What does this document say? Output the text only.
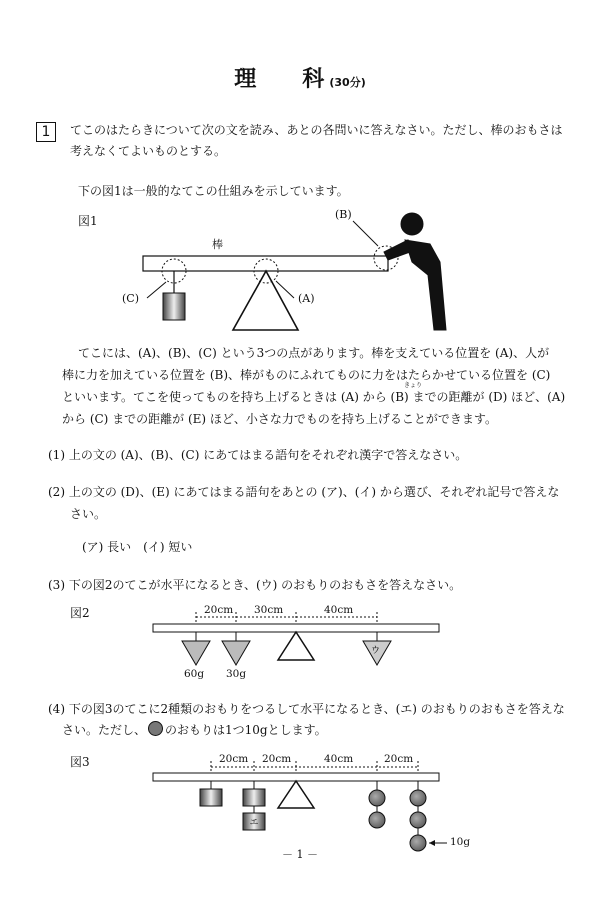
理 科 (30分)
1	てこのはたらきについて次の文を読み、あとの各問いに答えなさい。ただし、棒のおもさは
考えなくてよいものとする。
下の図1は一般的なてこの仕組みを示しています。
図1
棒
(B)
(C)	(A)
てこには、(A)、(B)、(C) という3つの点があります。棒を支えている位置を (A)、人が
棒に力を加えている位置を (B)、棒がものにふれてものに力をはたらかせている位置を (C)
といいます。てこを使ってものを持ち上げるときは (A) から (B) までの距離が (D) ほど、(A)
きょり
から (C) までの距離が (E) ほど、小さな力でものを持ち上げることができます。
(1) 上の文の (A)、(B)、(C) にあてはまる語句をそれぞれ漢字で答えなさい。
(2) 上の文の (D)、(E) にあてはまる語句をあとの (ア)、(イ) から選び、それぞれ記号で答えな
さい。
(ア) 長い　(イ) 短い
(3) 下の図2のてこが水平になるとき、(ウ) のおもりのおもさを答えなさい。
図2	20cm 30cm	40cm
60g 30g
ウ
(4) 下の図3のてこに2種類のおもりをつるして水平になるとき、(エ) のおもりのおもさを答えな
さい。ただし、 のおもりは1つ10gとします。
図3	20cm 20cm	40cm	20cm
エ
10g
－ 1 －
